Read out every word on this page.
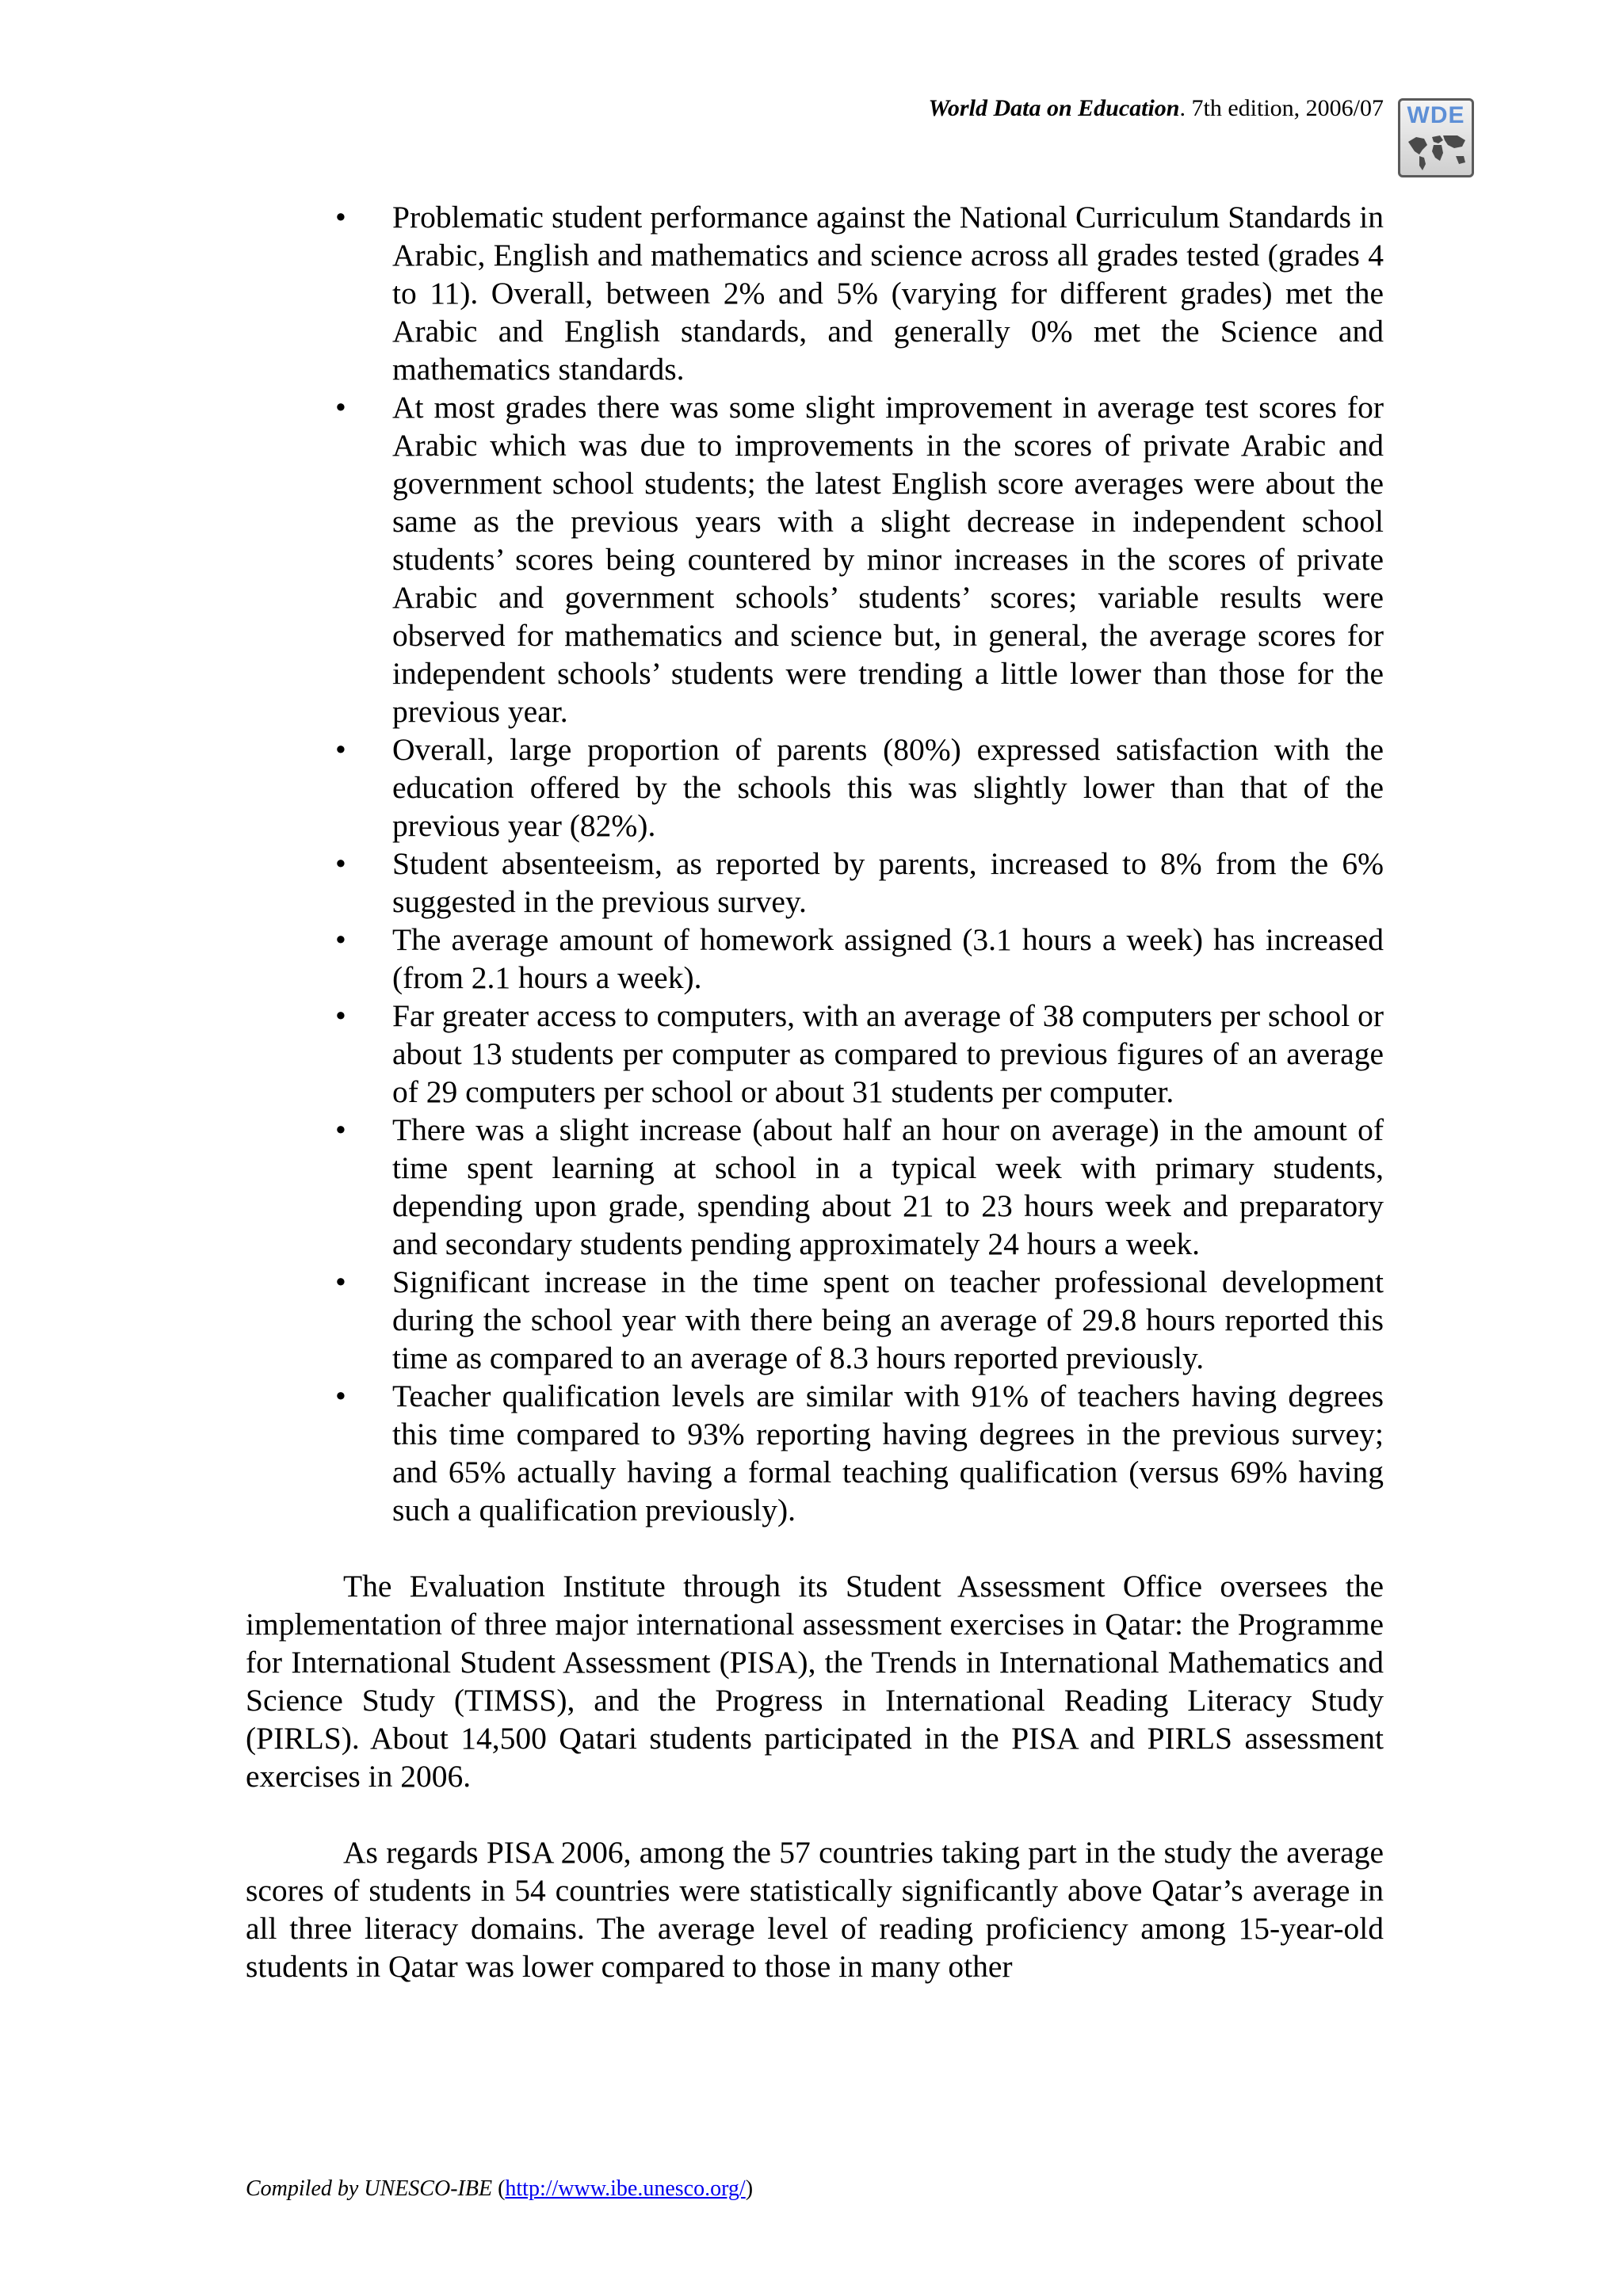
World Data on Education. 7th edition, 2006/07 WDE
• Problematic student performance against the National Curriculum Standards in Arabic, English and mathematics and science across all grades tested (grades 4 to 11). Overall, between 2% and 5% (varying for different grades) met the Arabic and English standards, and generally 0% met the Science and mathematics standards.
• At most grades there was some slight improvement in average test scores for Arabic which was due to improvements in the scores of private Arabic and government school students; the latest English score averages were about the same as the previous years with a slight decrease in independent school students’ scores being countered by minor increases in the scores of private Arabic and government schools’ students’ scores; variable results were observed for mathematics and science but, in general, the average scores for independent schools’ students were trending a little lower than those for the previous year.
• Overall, large proportion of parents (80%) expressed satisfaction with the education offered by the schools this was slightly lower than that of the previous year (82%).
• Student absenteeism, as reported by parents, increased to 8% from the 6% suggested in the previous survey.
• The average amount of homework assigned (3.1 hours a week) has increased (from 2.1 hours a week).
• Far greater access to computers, with an average of 38 computers per school or about 13 students per computer as compared to previous figures of an average of 29 computers per school or about 31 students per computer.
• There was a slight increase (about half an hour on average) in the amount of time spent learning at school in a typical week with primary students, depending upon grade, spending about 21 to 23 hours week and preparatory and secondary students pending approximately 24 hours a week.
• Significant increase in the time spent on teacher professional development during the school year with there being an average of 29.8 hours reported this time as compared to an average of 8.3 hours reported previously.
• Teacher qualification levels are similar with 91% of teachers having degrees this time compared to 93% reporting having degrees in the previous survey; and 65% actually having a formal teaching qualification (versus 69% having such a qualification previously).

The Evaluation Institute through its Student Assessment Office oversees the implementation of three major international assessment exercises in Qatar: the Programme for International Student Assessment (PISA), the Trends in International Mathematics and Science Study (TIMSS), and the Progress in International Reading Literacy Study (PIRLS). About 14,500 Qatari students participated in the PISA and PIRLS assessment exercises in 2006.

As regards PISA 2006, among the 57 countries taking part in the study the average scores of students in 54 countries were statistically significantly above Qatar’s average in all three literacy domains. The average level of reading proficiency among 15-year-old students in Qatar was lower compared to those in many other

Compiled by UNESCO-IBE (http://www.ibe.unesco.org/)
